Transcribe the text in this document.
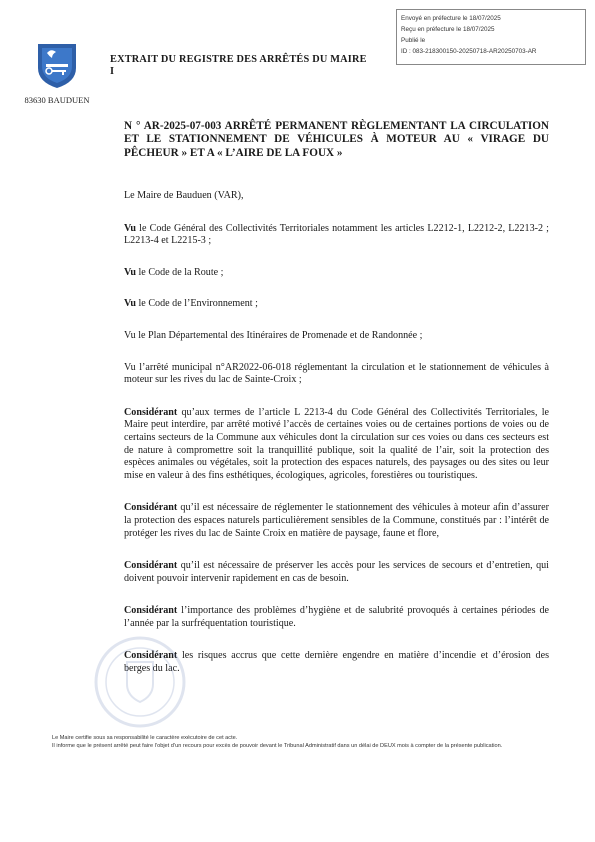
Envoyé en préfecture le 18/07/2025
Reçu en préfecture le 18/07/2025
Publié le
ID : 083-218300150-20250718-AR20250703-AR
83630 BAUDUEN
EXTRAIT DU REGISTRE DES ARRÊTÉS DU MAIRE
I
N ° AR-2025-07-003 ARRÊTÉ PERMANENT RÈGLEMENTANT LA CIRCULATION ET LE STATIONNEMENT DE VÉHICULES À MOTEUR AU « VIRAGE DU PÊCHEUR » ET A « L’AIRE DE LA FOUX »

Le Maire de Bauduen (VAR),

Vu le Code Général des Collectivités Territoriales notamment les articles L2212-1, L2212-2, L2213-2 ; L2213-4 et L2215-3 ;

Vu le Code de la Route ;

Vu le Code de l’Environnement ;

Vu le Plan Départemental des Itinéraires de Promenade et de Randonnée ;

Vu l’arrêté municipal n°AR2022-06-018 réglementant la circulation et le stationnement de véhicules à moteur sur les rives du lac de Sainte-Croix ;

Considérant qu’aux termes de l’article L 2213-4 du Code Général des Collectivités Territoriales, le Maire peut interdire, par arrêté motivé l’accès de certaines voies ou de certaines portions de voies ou de certains secteurs de la Commune aux véhicules dont la circulation sur ces voies ou dans ces secteurs est de nature à compromettre soit la tranquillité publique, soit la qualité de l’air, soit la protection des espèces animales ou végétales, soit la protection des espaces naturels, des paysages ou des sites ou leur mise en valeur à des fins esthétiques, écologiques, agricoles, forestières ou touristiques.

Considérant qu’il est nécessaire de réglementer le stationnement des véhicules à moteur afin d’assurer la protection des espaces naturels particulièrement sensibles de la Commune, constitués par : l’intérêt de protéger les rives du lac de Sainte Croix en matière de paysage, faune et flore,

Considérant qu’il est nécessaire de préserver les accès pour les services de secours et d’entretien, qui doivent pouvoir intervenir rapidement en cas de besoin.

Considérant l’importance des problèmes d’hygiène et de salubrité provoqués à certaines périodes de l’année par la surfréquentation touristique.

Considérant les risques accrus que cette dernière engendre en matière d’incendie et d’érosion des berges du lac.

Le Maire certifie sous sa responsabilité le caractère exécutoire de cet acte.
Il informe que le présent arrêté peut faire l’objet d’un recours pour excès de pouvoir devant le Tribunal Administratif dans un délai de DEUX mois à compter de la présente publication.
